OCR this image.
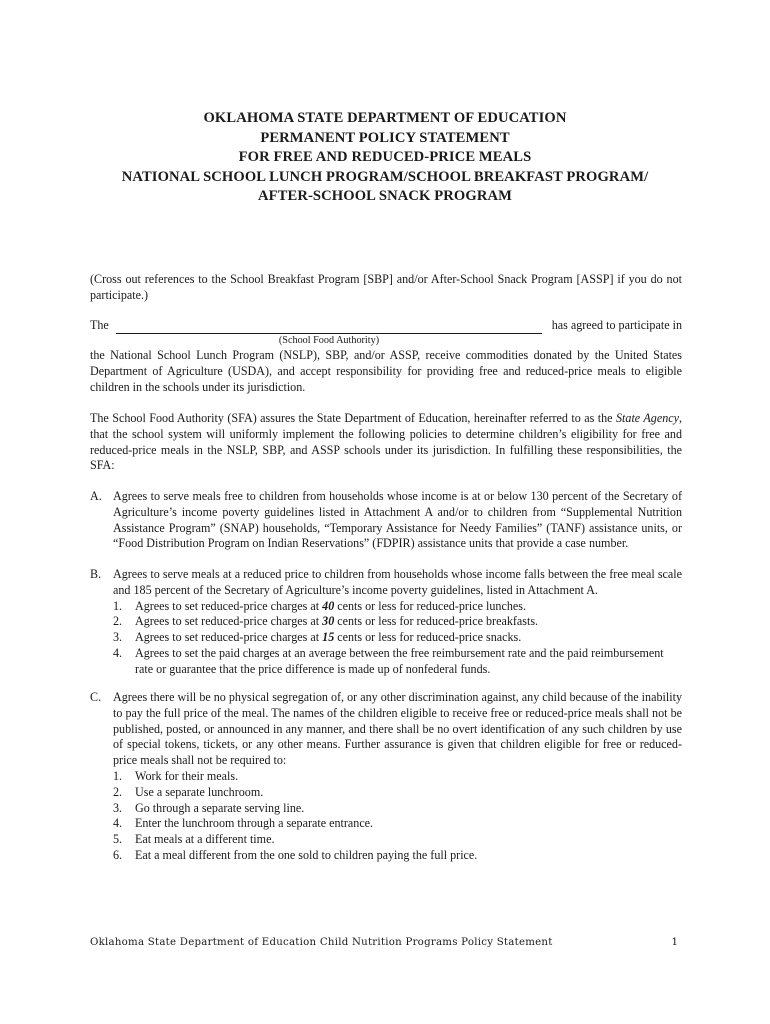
OKLAHOMA STATE DEPARTMENT OF EDUCATION
PERMANENT POLICY STATEMENT
FOR FREE AND REDUCED-PRICE MEALS
NATIONAL SCHOOL LUNCH PROGRAM/SCHOOL BREAKFAST PROGRAM/
AFTER-SCHOOL SNACK PROGRAM
(Cross out references to the School Breakfast Program [SBP] and/or After-School Snack Program [ASSP] if you do not participate.)
The	has agreed to participate in
(School Food Authority)
the National School Lunch Program (NSLP), SBP, and/or ASSP, receive commodities donated by the United States Department of Agriculture (USDA), and accept responsibility for providing free and reduced-price meals to eligible children in the schools under its jurisdiction.
The School Food Authority (SFA) assures the State Department of Education, hereinafter referred to as the State Agency, that the school system will uniformly implement the following policies to determine children’s eligibility for free and reduced-price meals in the NSLP, SBP, and ASSP schools under its jurisdiction. In fulfilling these responsibilities, the SFA:
A. Agrees to serve meals free to children from households whose income is at or below 130 percent of the Secretary of Agriculture’s income poverty guidelines listed in Attachment A and/or to children from “Supplemental Nutrition Assistance Program” (SNAP) households, “Temporary Assistance for Needy Families” (TANF) assistance units, or “Food Distribution Program on Indian Reservations” (FDPIR) assistance units that provide a case number.
B. Agrees to serve meals at a reduced price to children from households whose income falls between the free meal scale and 185 percent of the Secretary of Agriculture’s income poverty guidelines, listed in Attachment A.
1. Agrees to set reduced-price charges at 40 cents or less for reduced-price lunches.
2. Agrees to set reduced-price charges at 30 cents or less for reduced-price breakfasts.
3. Agrees to set reduced-price charges at 15 cents or less for reduced-price snacks.
4. Agrees to set the paid charges at an average between the free reimbursement rate and the paid reimbursement rate or guarantee that the price difference is made up of nonfederal funds.
C. Agrees there will be no physical segregation of, or any other discrimination against, any child because of the inability to pay the full price of the meal. The names of the children eligible to receive free or reduced-price meals shall not be published, posted, or announced in any manner, and there shall be no overt identification of any such children by use of special tokens, tickets, or any other means. Further assurance is given that children eligible for free or reduced-price meals shall not be required to:
1. Work for their meals.
2. Use a separate lunchroom.
3. Go through a separate serving line.
4. Enter the lunchroom through a separate entrance.
5. Eat meals at a different time.
6. Eat a meal different from the one sold to children paying the full price.
Oklahoma State Department of Education Child Nutrition Programs Policy Statement	1
